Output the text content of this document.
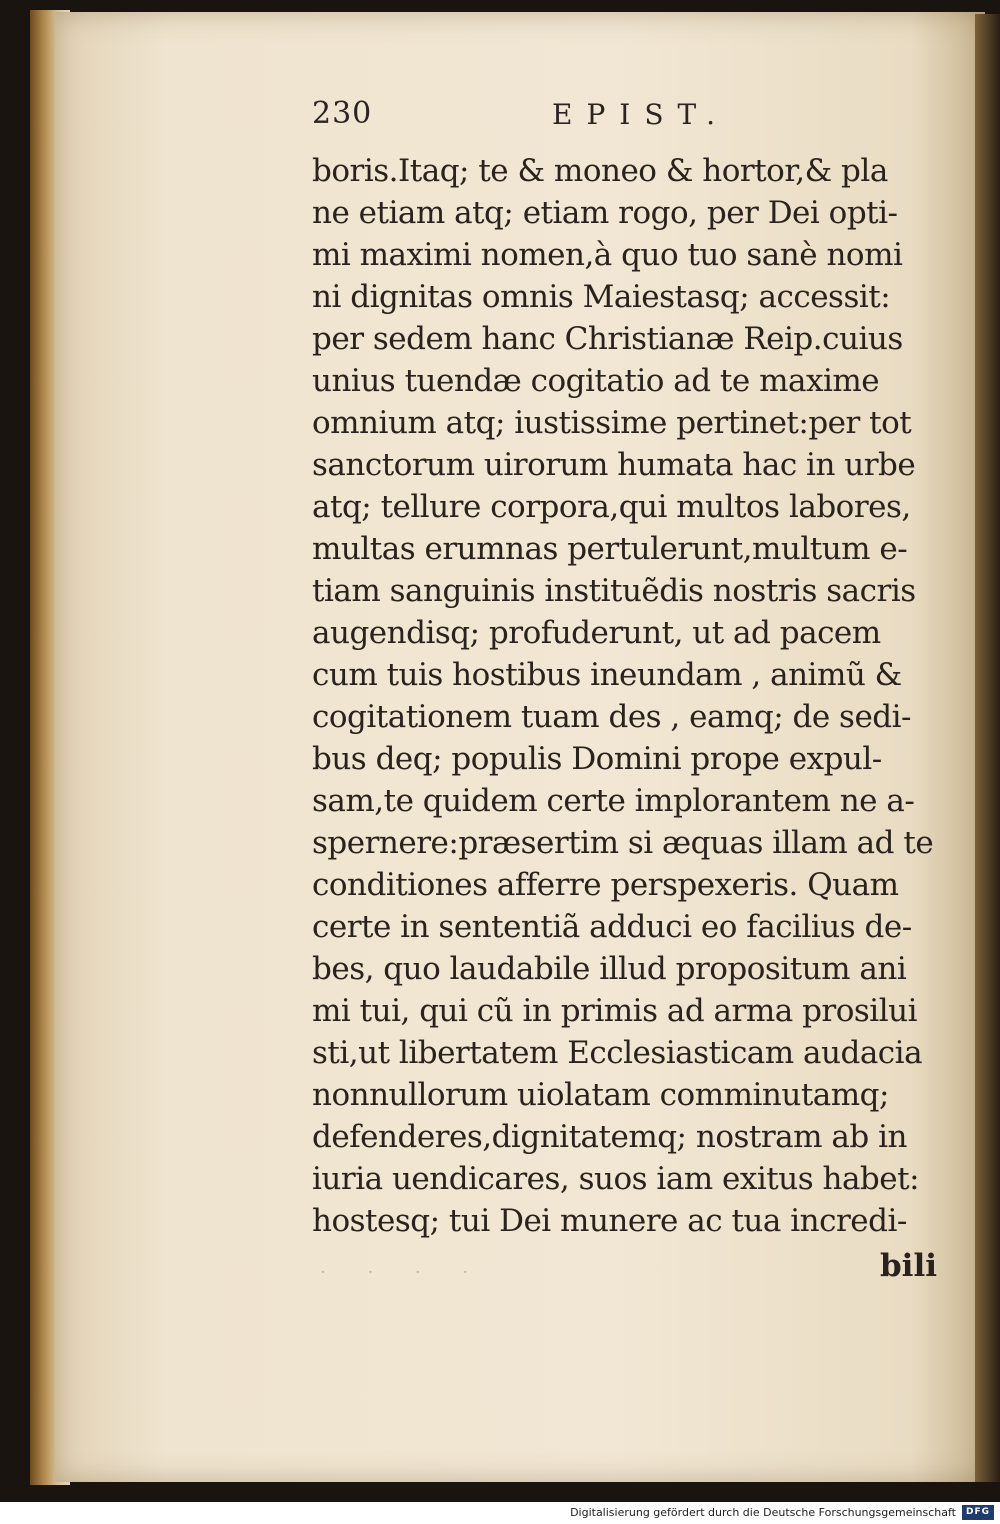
230	EPIST.
boris.Itaq; te & moneo & hortor,& pla
ne etiam atq; etiam rogo, per Dei opti-
mi maximi nomen,à quo tuo sanè nomi
ni dignitas omnis Maiestasq; accessit:
per sedem hanc Christianæ Reip.cuius
unius tuendæ cogitatio ad te maxime
omnium atq; iustissime pertinet:per tot
sanctorum uirorum humata hac in urbe
atq; tellure corpora,qui multos labores,
multas erumnas pertulerunt,multum e-
tiam sanguinis instituẽdis nostris sacris
augendisq; profuderunt, ut ad pacem
cum tuis hostibus ineundam , animũ &
cogitationem tuam des , eamq; de sedi-
bus deq; populis Domini prope expul-
sam,te quidem certe implorantem ne a-
spernere:præsertim si æquas illam ad te
conditiones afferre perspexeris. Quam
certe in sententiã adduci eo facilius de-
bes, quo laudabile illud propositum ani
mi tui, qui cũ in primis ad arma prosilui
sti,ut libertatem Ecclesiasticam audacia
nonnullorum uiolatam comminutamq;
defenderes,dignitatemq; nostram ab in
iuria uendicares, suos iam exitus habet:
hostesq; tui Dei munere ac tua incredi-
· · · ·	bili
Digitalisierung gefördert durch die Deutsche Forschungsgemeinschaft	DFG
